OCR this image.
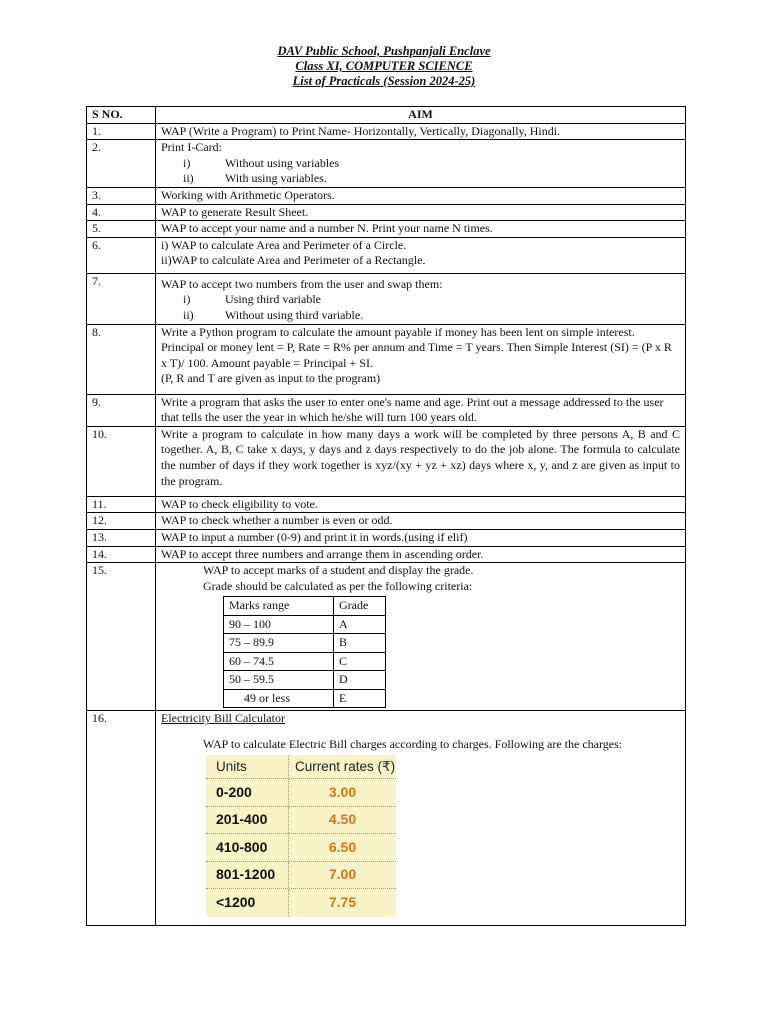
DAV Public School, Pushpanjali Enclave
Class XI, COMPUTER SCIENCE
List of Practicals (Session 2024-25)
S NO.	AIM
1.	WAP (Write a Program) to Print Name- Horizontally, Vertically, Diagonally, Hindi.
2.	Print I-Card:
i)	Without using variables
ii)	With using variables.

3.	Working with Arithmetic Operators.
4.	WAP to generate Result Sheet.
5.	WAP to accept your name and a number N. Print your name N times.
6.	i) WAP to calculate Area and Perimeter of a Circle.
ii)WAP to calculate Area and Perimeter of a Rectangle.

7.	WAP to accept two numbers from the user and swap them:
i)	Using third variable
ii)	Without using third variable.

8.	Write a Python program to calculate the amount payable if money has been lent on simple interest. Principal or money lent = P, Rate = R% per annum and Time = T years. Then Simple Interest (SI) = (P x R x T)/ 100. Amount payable = Principal + SI.
(P, R and T are given as input to the program)

9.	Write a program that asks the user to enter one's name and age. Print out a message addressed to the user that tells the user the year in which he/she will turn 100 years old.
10.	Write a program to calculate in how many days a work will be completed by three persons A, B and C together. A, B, C take x days, y days and z days respectively to do the job alone. The formula to calculate the number of days if they work together is xyz/(xy + yz + xz) days where x, y, and z are given as input to the program.
11.	WAP to check eligibility to vote.
12.	WAP to check whether a number is even or odd.
13.	WAP to input a number (0-9) and print it in words.(using if elif)
14.	WAP to accept three numbers and arrange them in ascending order.
15.	WAP to accept marks of a student and display the grade.
Grade should be calculated as per the following criteria:
Marks range	Grade
90 – 100	A
75 – 89.9	B
60 – 74.5	C
50 – 59.5	D
49 or less	E

16.	Electricity Bill Calculator
WAP to calculate Electric Bill charges according to charges. Following are the charges:
Units	Current rates (₹)
0-200	3.00
201-400	4.50
410-800	6.50
801-1200	7.00
<1200	7.75
